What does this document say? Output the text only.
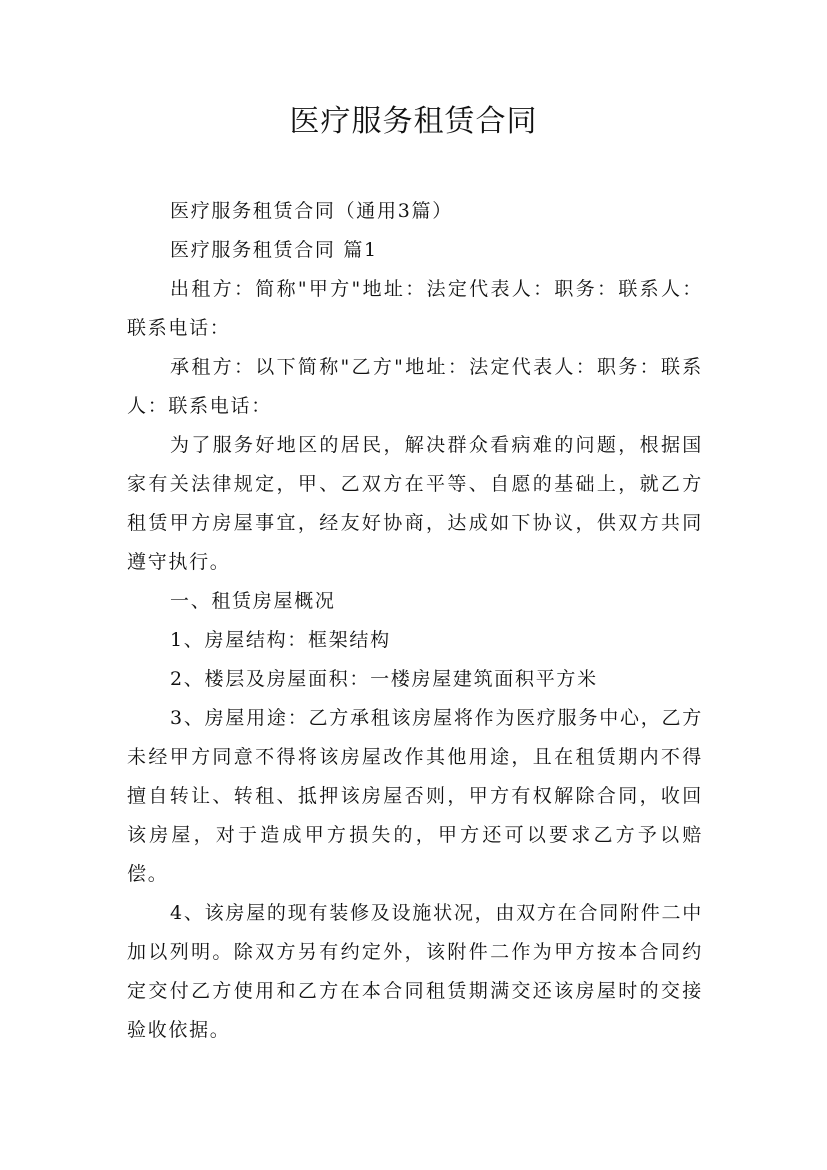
医疗服务租赁合同

医疗服务租赁合同（通用3篇）

医疗服务租赁合同 篇1

出租方：简称"甲方"地址：法定代表人：职务：联系人：联系电话：

承租方：以下简称"乙方"地址：法定代表人：职务：联系人：联系电话：

为了服务好地区的居民，解决群众看病难的问题，根据国家有关法律规定，甲、乙双方在平等、自愿的基础上，就乙方租赁甲方房屋事宜，经友好协商，达成如下协议，供双方共同遵守执行。

一、租赁房屋概况

1、房屋结构：框架结构

2、楼层及房屋面积：一楼房屋建筑面积平方米

3、房屋用途：乙方承租该房屋将作为医疗服务中心，乙方未经甲方同意不得将该房屋改作其他用途，且在租赁期内不得擅自转让、转租、抵押该房屋否则，甲方有权解除合同，收回该房屋，对于造成甲方损失的，甲方还可以要求乙方予以赔偿。

4、该房屋的现有装修及设施状况，由双方在合同附件二中加以列明。除双方另有约定外，该附件二作为甲方按本合同约定交付乙方使用和乙方在本合同租赁期满交还该房屋时的交接验收依据。
